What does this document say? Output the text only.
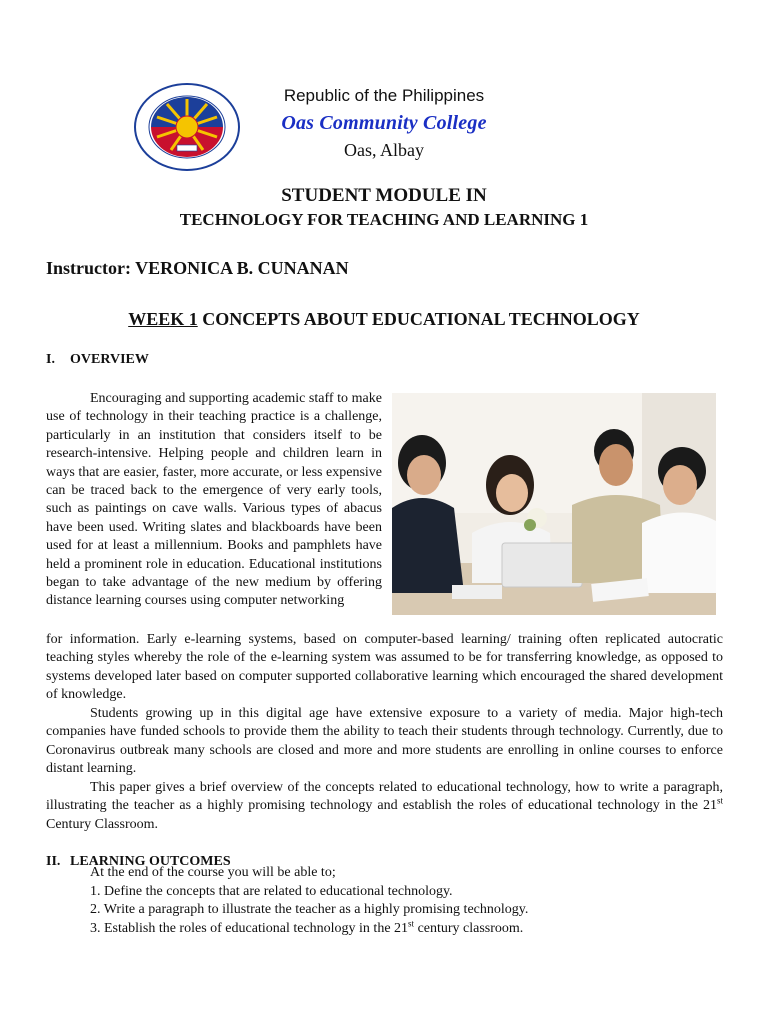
Republic of the Philippines
Oas Community College
Oas, Albay
STUDENT MODULE IN
TECHNOLOGY FOR TEACHING AND LEARNING 1
Instructor: VERONICA B. CUNANAN
WEEK 1 CONCEPTS ABOUT EDUCATIONAL TECHNOLOGY
I. OVERVIEW

Encouraging and supporting academic staff to make use of technology in their teaching practice is a challenge, particularly in an institution that considers itself to be research-intensive. Helping people and children learn in ways that are easier, faster, more accurate, or less expensive can be traced back to the emergence of very early tools, such as paintings on cave walls. Various types of abacus have been used. Writing slates and blackboards have been used for at least a millennium. Books and pamphlets have held a prominent role in education. Educational institutions began to take advantage of the new medium by offering distance learning courses using computer networking

for information. Early e-learning systems, based on computer-based learning/ training often replicated autocratic teaching styles whereby the role of the e-learning system was assumed to be for transferring knowledge, as opposed to systems developed later based on computer supported collaborative learning which encouraged the shared development of knowledge.

Students growing up in this digital age have extensive exposure to a variety of media. Major high-tech companies have funded schools to provide them the ability to teach their students through technology. Currently, due to Coronavirus outbreak many schools are closed and more and more students are enrolling in online courses to enforce distant learning.

This paper gives a brief overview of the concepts related to educational technology, how to write a paragraph, illustrating the teacher as a highly promising technology and establish the roles of educational technology in the 21st Century Classroom.

II. LEARNING OUTCOMES
At the end of the course you will be able to;
1. Define the concepts that are related to educational technology.
2. Write a paragraph to illustrate the teacher as a highly promising technology.
3. Establish the roles of educational technology in the 21st century classroom.
